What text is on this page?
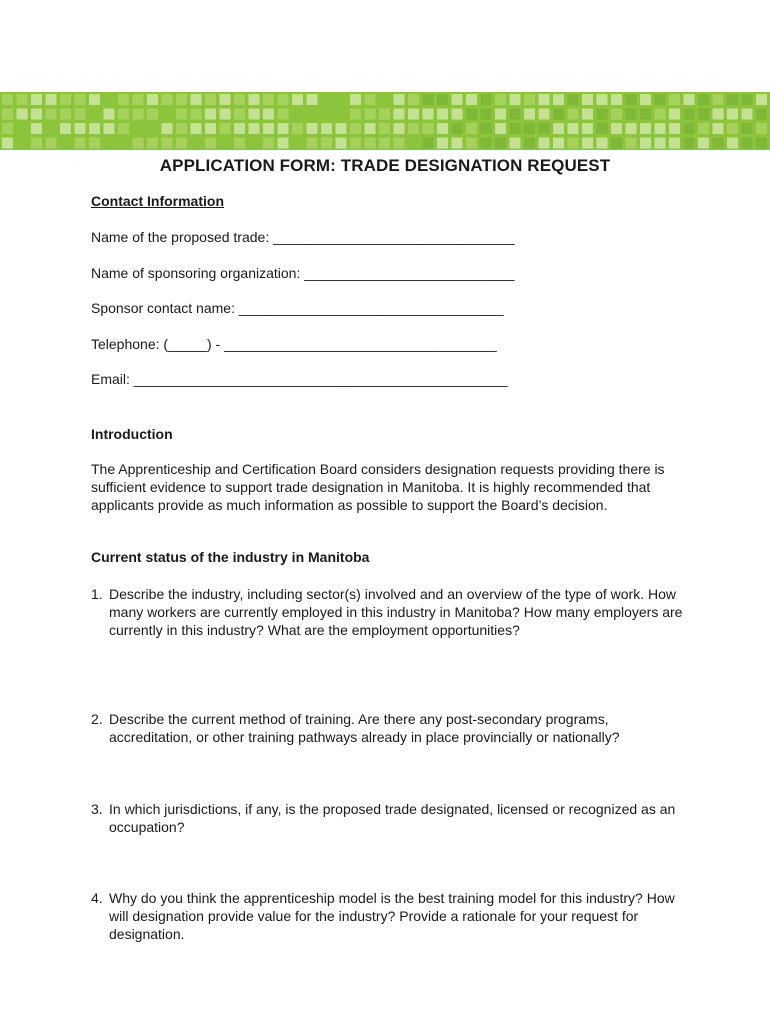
APPLICATION FORM: TRADE DESIGNATION REQUEST
Contact Information
Name of the proposed trade: _______________________________
Name of sponsoring organization: ___________________________
Sponsor contact name: __________________________________
Telephone: (_____) - ___________________________________
Email: ________________________________________________
Introduction
The Apprenticeship and Certification Board considers designation requests providing there is sufficient evidence to support trade designation in Manitoba. It is highly recommended that applicants provide as much information as possible to support the Board’s decision.
Current status of the industry in Manitoba
1. Describe the industry, including sector(s) involved and an overview of the type of work. How many workers are currently employed in this industry in Manitoba? How many employers are currently in this industry? What are the employment opportunities?
2. Describe the current method of training. Are there any post-secondary programs, accreditation, or other training pathways already in place provincially or nationally?
3. In which jurisdictions, if any, is the proposed trade designated, licensed or recognized as an occupation?
4. Why do you think the apprenticeship model is the best training model for this industry? How will designation provide value for the industry? Provide a rationale for your request for designation.
